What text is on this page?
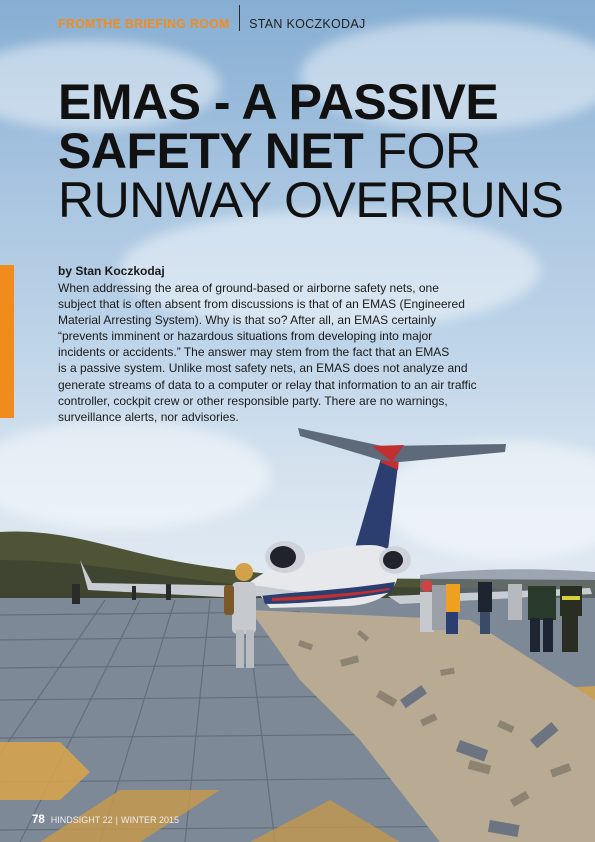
FROMTHE BRIEFING ROOM STAN KOCZKODAJ
EMAS - A PASSIVE
SAFETY NET FOR
RUNWAY OVERRUNS
by Stan Koczkodaj
When addressing the area of ground-based or airborne safety nets, one
subject that is often absent from discussions is that of an EMAS (Engineered
Material Arresting System). Why is that so? After all, an EMAS certainly
“prevents imminent or hazardous situations from developing into major
incidents or accidents.” The answer may stem from the fact that an EMAS
is a passive system. Unlike most safety nets, an EMAS does not analyze and
generate streams of data to a computer or relay that information to an air traffic
controller, cockpit crew or other responsible party. There are no warnings,
surveillance alerts, nor advisories.
78 HINDSIGHT 22 | WINTER 2015
